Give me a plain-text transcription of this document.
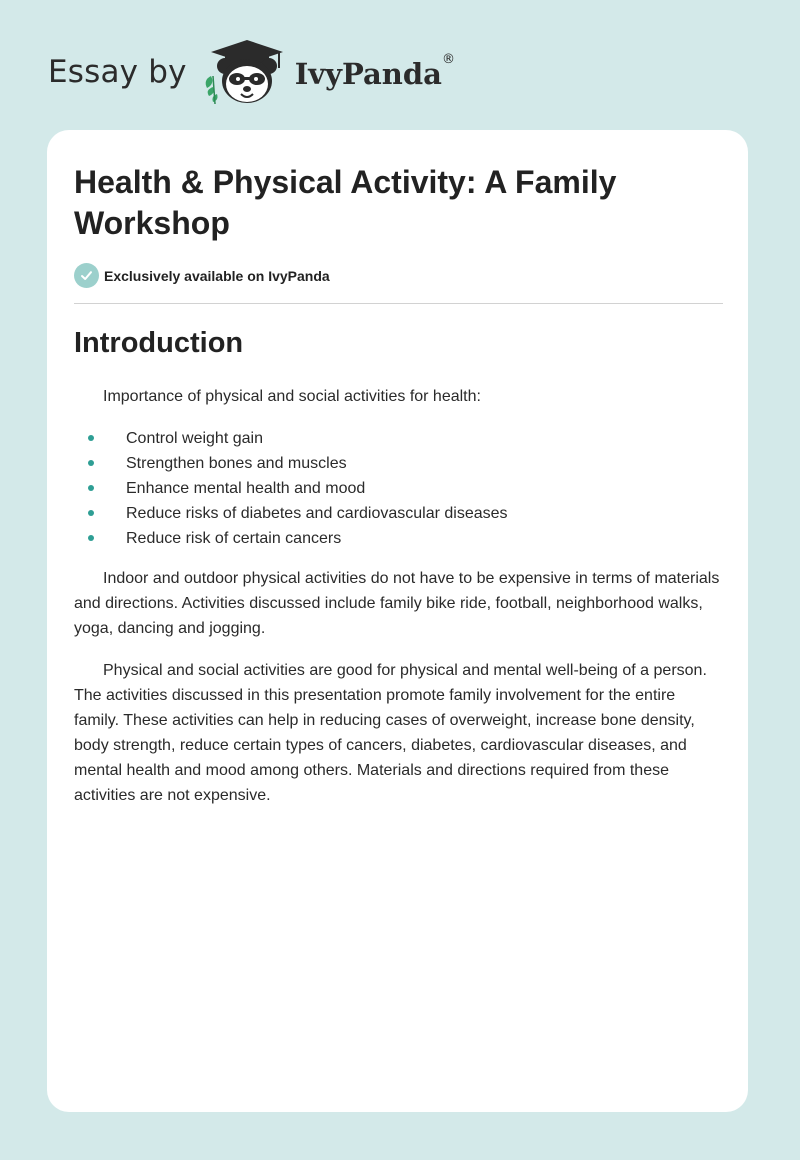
Essay by	IvyPanda ®
Health & Physical Activity: A Family Workshop
Exclusively available on IvyPanda
Introduction

Importance of physical and social activities for health:

Control weight gain
Strengthen bones and muscles
Enhance mental health and mood
Reduce risks of diabetes and cardiovascular diseases
Reduce risk of certain cancers

Indoor and outdoor physical activities do not have to be expensive in terms of materials and directions. Activities discussed include family bike ride, football, neighborhood walks, yoga, dancing and jogging.

Physical and social activities are good for physical and mental well-being of a person. The activities discussed in this presentation promote family involvement for the entire family. These activities can help in reducing cases of overweight, increase bone density, body strength, reduce certain types of cancers, diabetes, cardiovascular diseases, and mental health and mood among others. Materials and directions required from these activities are not expensive.
